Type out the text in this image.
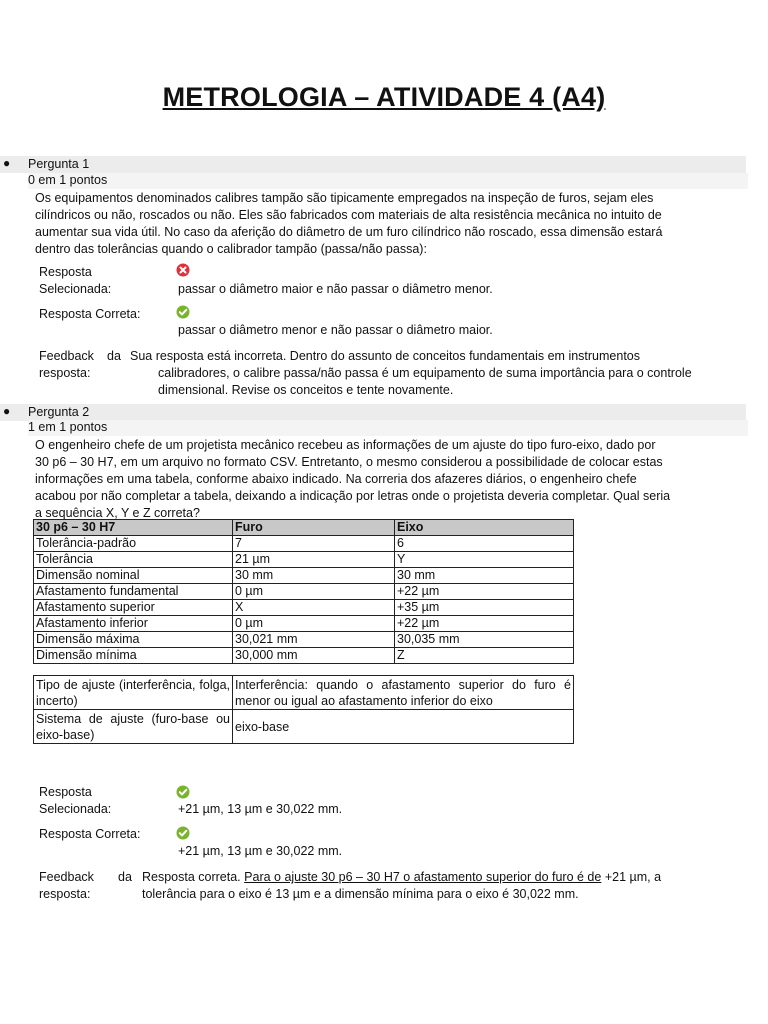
METROLOGIA – ATIVIDADE 4 (A4)
● Pergunta 1
0 em 1 pontos
Os equipamentos denominados calibres tampão são tipicamente empregados na inspeção de furos, sejam eles
cilíndricos ou não, roscados ou não. Eles são fabricados com materiais de alta resistência mecânica no intuito de
aumentar sua vida útil. No caso da aferição do diâmetro de um furo cilíndrico não roscado, essa dimensão estará
dentro das tolerâncias quando o calibrador tampão (passa/não passa):
Resposta
Selecionada:	passar o diâmetro maior e não passar o diâmetro menor.
Resposta Correta:
passar o diâmetro menor e não passar o diâmetro maior.
Feedback da
resposta:
Sua resposta está incorreta. Dentro do assunto de conceitos fundamentais em instrumentos
calibradores, o calibre passa/não passa é um equipamento de suma importância para o controle
dimensional. Revise os conceitos e tente novamente.
● Pergunta 2
1 em 1 pontos
O engenheiro chefe de um projetista mecânico recebeu as informações de um ajuste do tipo furo-eixo, dado por
30 p6 – 30 H7, em um arquivo no formato CSV. Entretanto, o mesmo considerou a possibilidade de colocar estas
informações em uma tabela, conforme abaixo indicado. Na correria dos afazeres diários, o engenheiro chefe
acabou por não completar a tabela, deixando a indicação por letras onde o projetista deveria completar. Qual seria
a sequência X, Y e Z correta?
30 p6 – 30 H7	Furo	Eixo
Tolerância-padrão	7	6
Tolerância	21 µm	Y
Dimensão nominal	30 mm	30 mm
Afastamento fundamental	0 µm	+22 µm
Afastamento superior	X	+35 µm
Afastamento inferior	0 µm	+22 µm
Dimensão máxima	30,021 mm	30,035 mm
Dimensão mínima	30,000 mm	Z
Tipo de ajuste (interferência, folga, incerto)	Interferência: quando o afastamento superior do furo é menor ou igual ao afastamento inferior do eixo
Sistema de ajuste (furo-base ou eixo-base)	eixo-base
Resposta
Selecionada:	+21 µm, 13 µm e 30,022 mm.
Resposta Correta:
+21 µm, 13 µm e 30,022 mm.
Feedback da
resposta:
Resposta correta. Para o ajuste 30 p6 – 30 H7 o afastamento superior do furo é de +21 µm, a
tolerância para o eixo é 13 µm e a dimensão mínima para o eixo é 30,022 mm.
